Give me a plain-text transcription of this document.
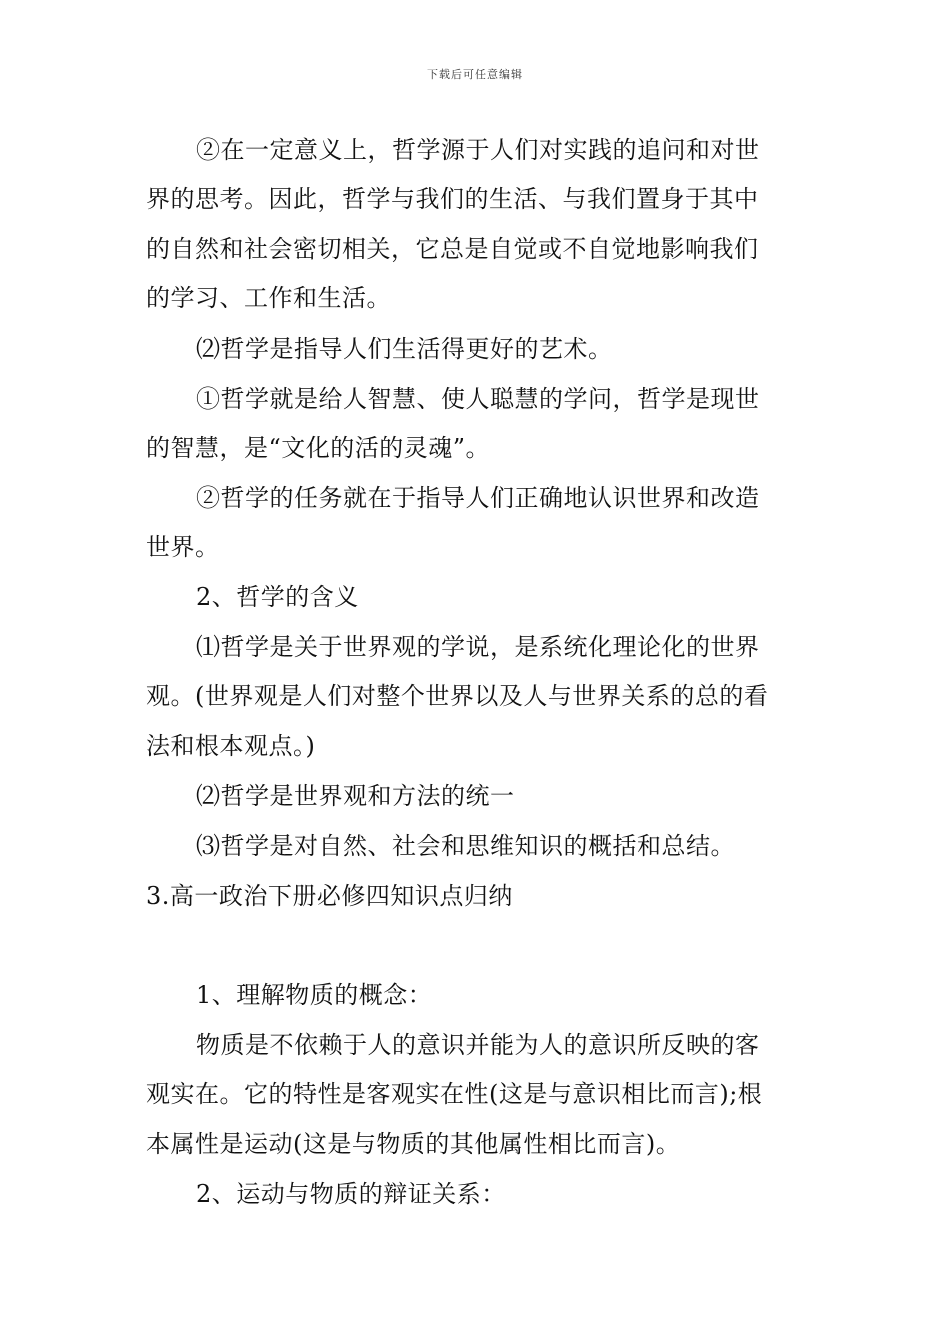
下载后可任意编辑
②在一定意义上，哲学源于人们对实践的追问和对世
界的思考。因此，哲学与我们的生活、与我们置身于其中
的自然和社会密切相关，它总是自觉或不自觉地影响我们
的学习、工作和生活。
⑵哲学是指导人们生活得更好的艺术。
①哲学就是给人智慧、使人聪慧的学问，哲学是现世
的智慧，是“文化的活的灵魂”。
②哲学的任务就在于指导人们正确地认识世界和改造
世界。
2、哲学的含义
⑴哲学是关于世界观的学说，是系统化理论化的世界
观。(世界观是人们对整个世界以及人与世界关系的总的看
法和根本观点。)
⑵哲学是世界观和方法的统一
⑶哲学是对自然、社会和思维知识的概括和总结。
3.高一政治下册必修四知识点归纳
1、理解物质的概念：
物质是不依赖于人的意识并能为人的意识所反映的客
观实在。它的特性是客观实在性(这是与意识相比而言);根
本属性是运动(这是与物质的其他属性相比而言)。
2、运动与物质的辩证关系：
